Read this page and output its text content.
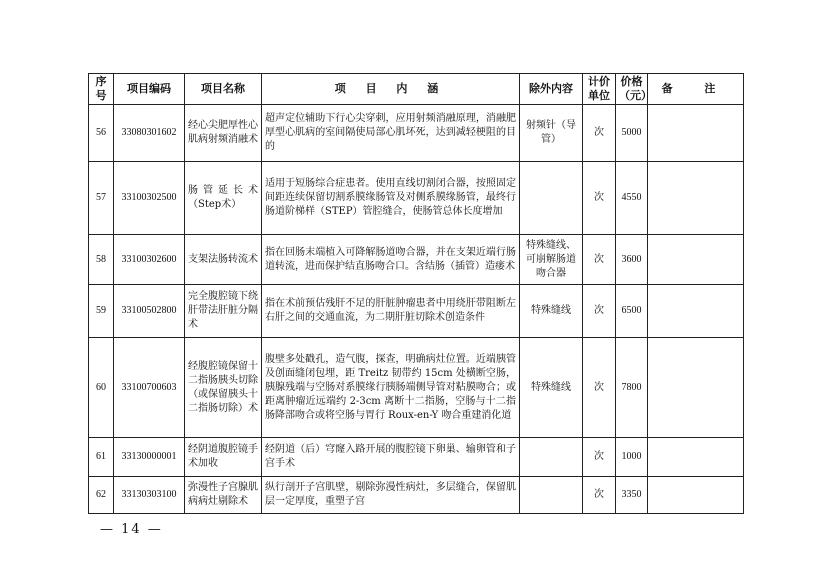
序号	项目编码	项目名称	项 目 内 涵	除外内容	计价单位	价格（元）	备 注
56	33080301602	经心尖肥厚性心肌病射频消融术	超声定位辅助下行心尖穿刺，应用射频消融原理，消融肥厚型心肌病的室间隔使局部心肌坏死，达到减轻梗阻的目的	射频针（导管）	次	5000	
57	33100302500	肠管延长术（Step术）	适用于短肠综合症患者。使用直线切割闭合器，按照固定间距连续保留切割系膜缘肠管及对侧系膜缘肠管，最终行肠道阶梯样（STEP）管腔缝合，使肠管总体长度增加		次	4550	
58	33100302600	支架法肠转流术	指在回肠末端植入可降解肠道吻合器，并在支架近端行肠道转流，进而保护结直肠吻合口。含结肠（插管）造瘘术	特殊缝线、可崩解肠道吻合器	次	3600	
59	33100502800	完全腹腔镜下绕肝带法肝脏分隔术	指在术前预估残肝不足的肝脏肿瘤患者中用绕肝带阻断左右肝之间的交通血流，为二期肝脏切除术创造条件	特殊缝线	次	6500	
60	33100700603	经腹腔镜保留十二指肠胰头切除（或保留胰头十二指肠切除）术	腹壁多处戳孔，造气腹，探查，明确病灶位置。近端胰管及创面缝闭包埋，距 Treitz 韧带约 15cm 处横断空肠，胰腺残端与空肠对系膜缘行胰肠端侧导管对粘膜吻合；或距离肿瘤近远端约 2-3cm 离断十二指肠，空肠与十二指肠降部吻合或将空肠与胃行 Roux-en-Y 吻合重建消化道	特殊缝线	次	7800	
61	33130000001	经阴道腹腔镜手术加收	经阴道（后）穹窿入路开展的腹腔镜下卵巢、输卵管和子宫手术		次	1000	
62	33130303100	弥漫性子宫腺肌病病灶剔除术	纵行剖开子宫肌壁，剔除弥漫性病灶，多层缝合，保留肌层一定厚度，重塑子宫		次	3350	
— 14 —
